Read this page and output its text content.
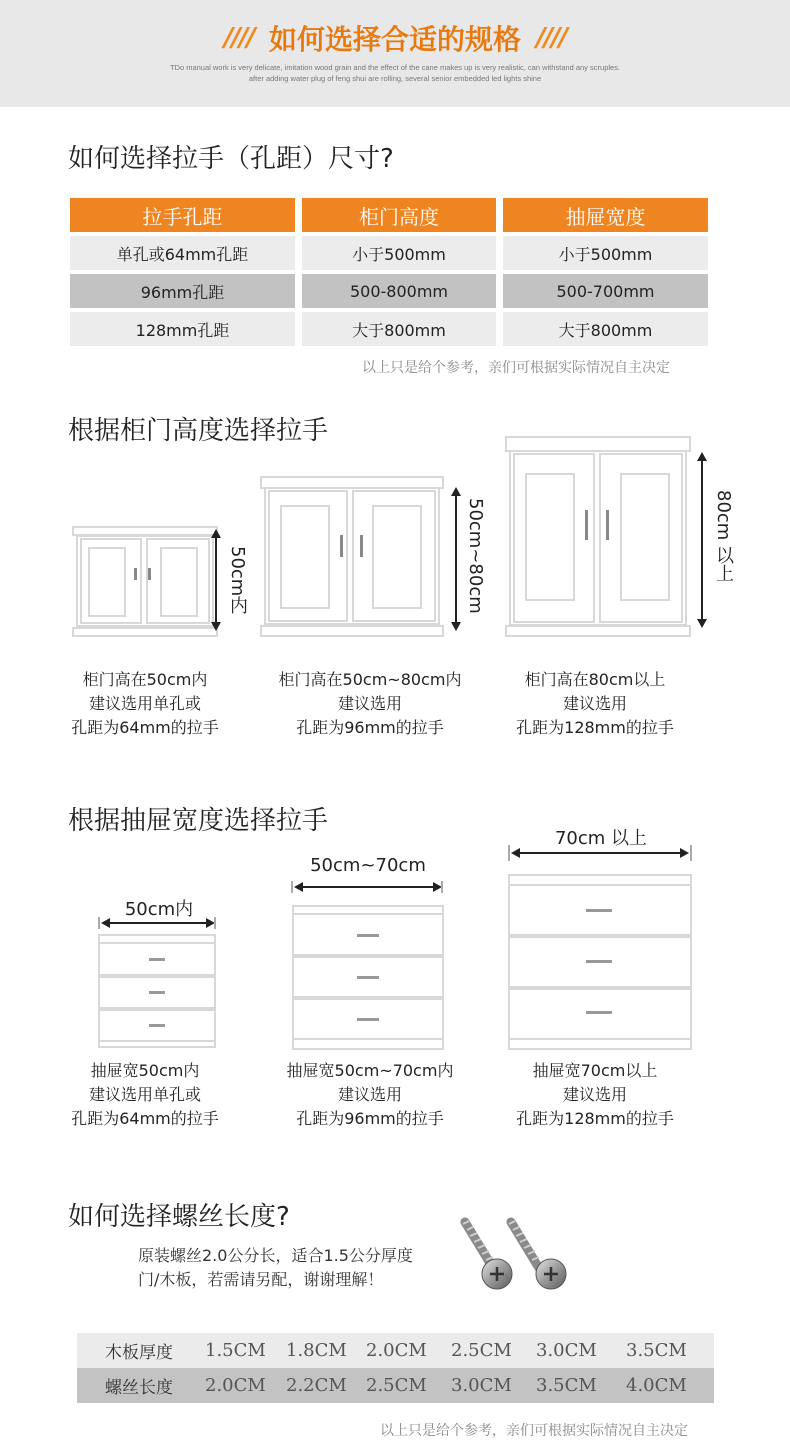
//// 如何选择合适的规格 ////
TDo manual work is very delicate, imitation wood grain and the effect of the cane makes up is very realistic, can withstand any scruples.
after adding water plug of feng shui are rolling, several senior embedded led lights shine
如何选择拉手（孔距）尺寸?
拉手孔距	柜门高度	抽屉宽度
单孔或64mm孔距	小于500mm	小于500mm
96mm孔距	500-800mm	500-700mm
128mm孔距	大于800mm	大于800mm
以上只是给个参考，亲们可根据实际情况自主决定
根据柜门高度选择拉手
50cm内	50cm~80cm	80cm 以上
柜门高在50cm内
建议选用单孔或
孔距为64mm的拉手
柜门高在50cm~80cm内
建议选用
孔距为96mm的拉手
柜门高在80cm以上
建议选用
孔距为128mm的拉手
根据抽屉宽度选择拉手
50cm内
50cm~70cm
70cm 以上
抽屉宽50cm内
建议选用单孔或
孔距为64mm的拉手
抽屉宽50cm~70cm内
建议选用
孔距为96mm的拉手
抽屉宽70cm以上
建议选用
孔距为128mm的拉手
如何选择螺丝长度?
原装螺丝2.0公分长，适合1.5公分厚度
门/木板，若需请另配，谢谢理解！
木板厚度 1.5CM 1.8CM 2.0CM 2.5CM 3.0CM 3.5CM
螺丝长度 2.0CM 2.2CM 2.5CM 3.0CM 3.5CM 4.0CM
以上只是给个参考，亲们可根据实际情况自主决定
